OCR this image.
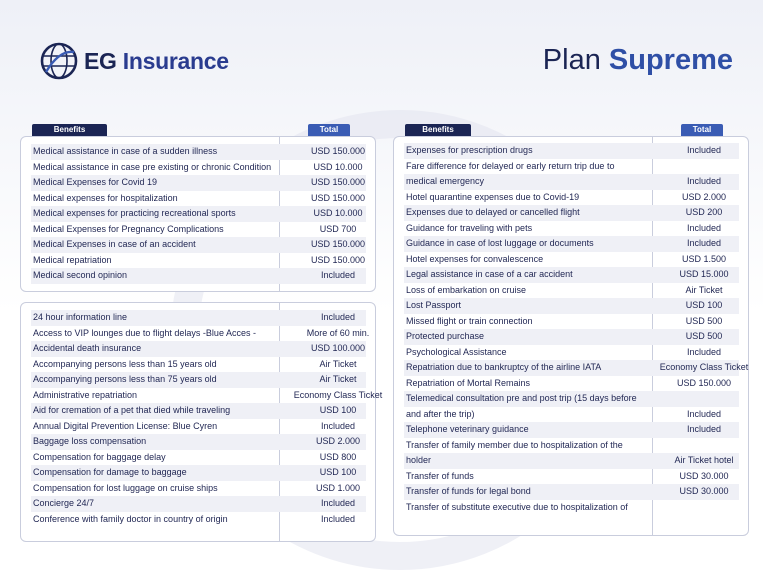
EG Insurance	Plan Supreme
Benefits	Total	Benefits	Total
Medical assistance in case of a sudden illness	USD 150.000
Medical assistance in case pre existing or chronic Condition	USD 10.000
Medical Expenses for Covid 19	USD 150.000
Medical expenses for hospitalization	USD 150.000
Medical expenses for practicing recreational sports	USD 10.000
Medical Expenses for Pregnancy Complications	USD 700
Medical Expenses in case of an accident	USD 150.000
Medical repatriation	USD 150.000
Medical second opinion	Included
24 hour information line	Included
Access to VIP lounges due to flight delays -Blue Acces -	More of 60 min.
Accidental death insurance	USD 100.000
Accompanying persons less than 15 years old	Air Ticket
Accompanying persons less than 75 years old	Air Ticket
Administrative repatriation	Economy Class Ticket
Aid for cremation of a pet that died while traveling	USD 100
Annual Digital Prevention License: Blue Cyren	Included
Baggage loss compensation	USD 2.000
Compensation for baggage delay	USD 800
Compensation for damage to baggage	USD 100
Compensation for lost luggage on cruise ships	USD 1.000
Concierge 24/7	Included
Conference with family doctor in country of origin	Included
Expenses for prescription drugs	Included
Fare difference for delayed or early return trip due to
medical emergency	Included
Hotel quarantine expenses due to Covid-19	USD 2.000
Expenses due to delayed or cancelled flight	USD 200
Guidance for traveling with pets	Included
Guidance in case of lost luggage or documents	Included
Hotel expenses for convalescence	USD 1.500
Legal assistance in case of a car accident	USD 15.000
Loss of embarkation on cruise	Air Ticket
Lost Passport	USD 100
Missed flight or train connection	USD 500
Protected purchase	USD 500
Psychological Assistance	Included
Repatriation due to bankruptcy of the airline IATA	Economy Class Ticket
Repatriation of Mortal Remains	USD 150.000
Telemedical consultation pre and post trip (15 days before
and after the trip)	Included
Telephone veterinary guidance	Included
Transfer of family member due to hospitalization of the
holder	Air Ticket hotel
Transfer of funds	USD 30.000
Transfer of funds for legal bond	USD 30.000
Transfer of substitute executive due to hospitalization of
